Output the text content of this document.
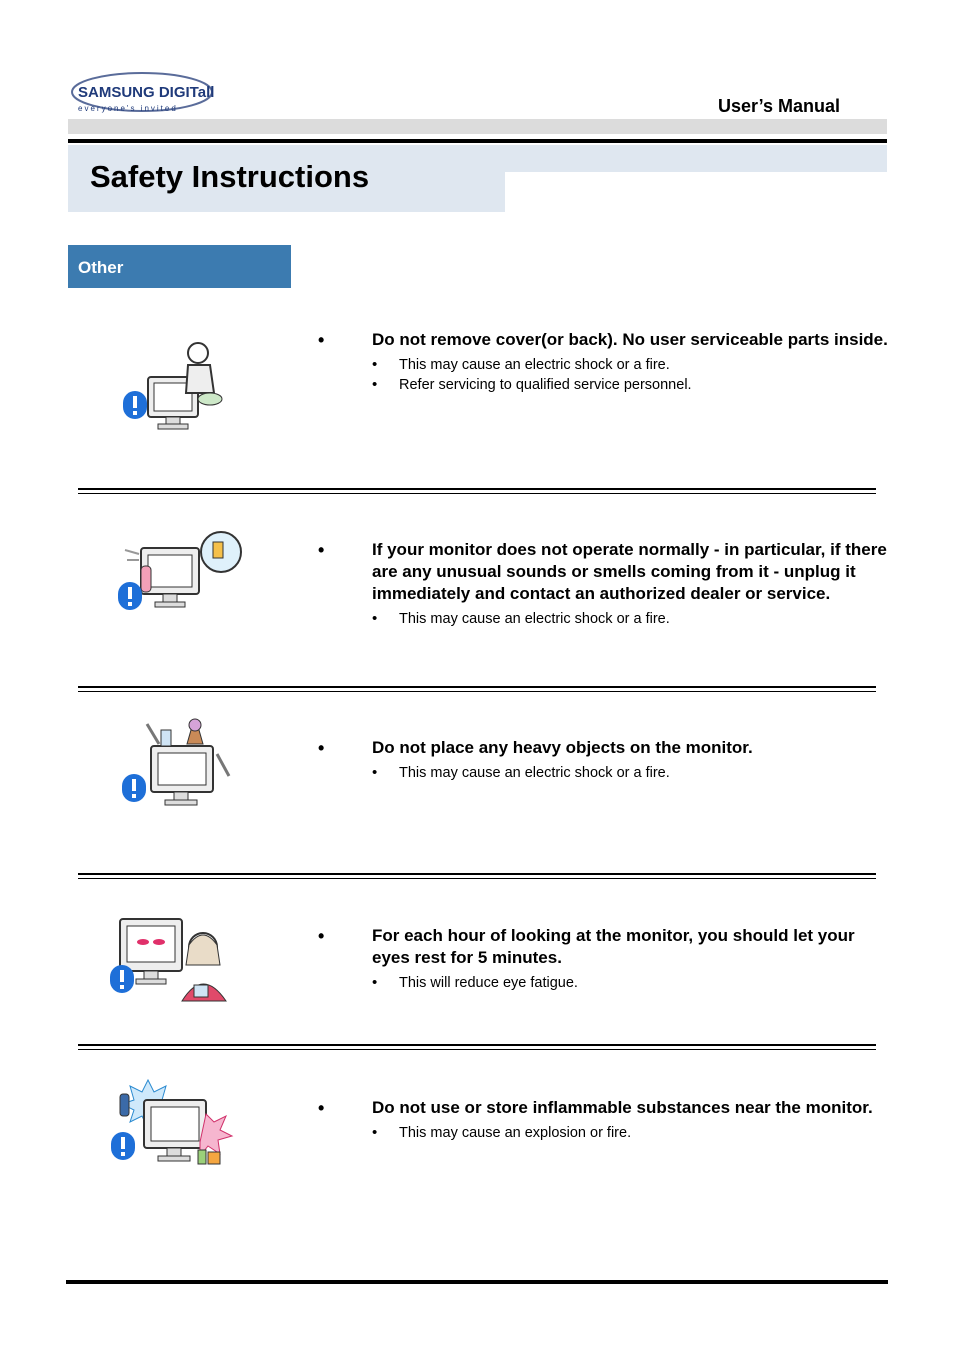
SAMSUNG DIGITall
everyone's invited	User’s Manual
Safety Instructions
Other
•	Do not remove cover(or back). No user serviceable parts inside.
•	This may cause an electric shock or a fire.
•	Refer servicing to qualified service personnel.
•	If your monitor does not operate normally - in particular, if there are any unusual sounds or smells coming from it - unplug it immediately and contact an authorized dealer or service.
•	This may cause an electric shock or a fire.
•	Do not place any heavy objects on the monitor.
•	This may cause an electric shock or a fire.
•	For each hour of looking at the monitor, you should let your eyes rest for 5 minutes.
•	This will reduce eye fatigue.
•	Do not use or store inflammable substances near the monitor.
•	This may cause an explosion or fire.
